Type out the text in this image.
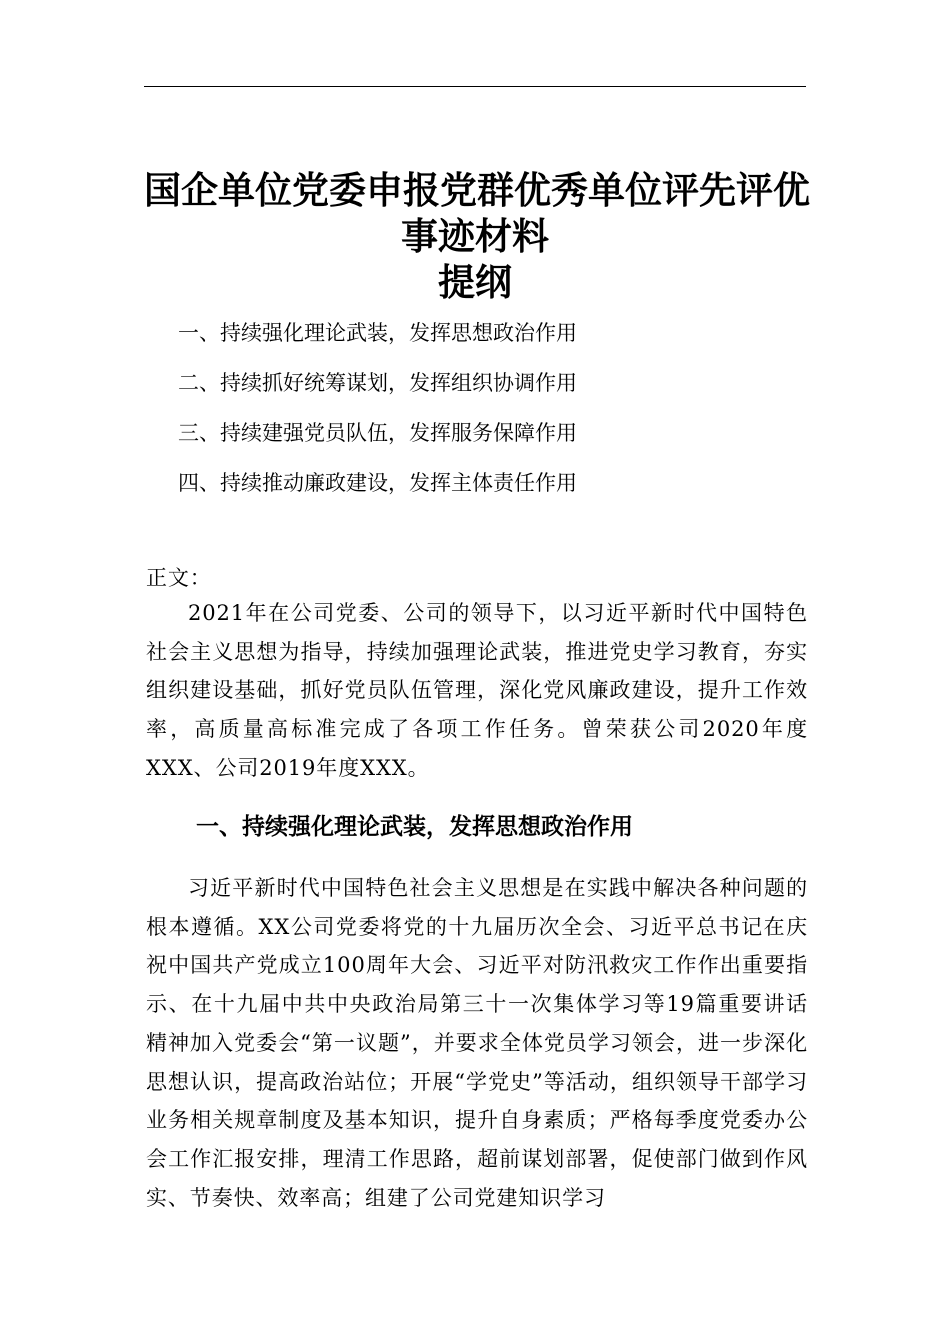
国企单位党委申报党群优秀单位评先评优
事迹材料
提纲
一、持续强化理论武装，发挥思想政治作用
二、持续抓好统筹谋划，发挥组织协调作用
三、持续建强党员队伍，发挥服务保障作用
四、持续推动廉政建设，发挥主体责任作用
正文：

2021年在公司党委、公司的领导下，以习近平新时代中国特色社会主义思想为指导，持续加强理论武装，推进党史学习教育，夯实组织建设基础，抓好党员队伍管理，深化党风廉政建设，提升工作效率，高质量高标准完成了各项工作任务。曾荣获公司2020年度XXX、公司2019年度XXX。

一、持续强化理论武装，发挥思想政治作用

习近平新时代中国特色社会主义思想是在实践中解决各种问题的根本遵循。XX公司党委将党的十九届历次全会、习近平总书记在庆祝中国共产党成立100周年大会、习近平对防汛救灾工作作出重要指示、在十九届中共中央政治局第三十一次集体学习等19篇重要讲话精神加入党委会“第一议题”，并要求全体党员学习领会，进一步深化思想认识，提高政治站位；开展“学党史”等活动，组织领导干部学习业务相关规章制度及基本知识，提升自身素质；严格每季度党委办公会工作汇报安排，理清工作思路，超前谋划部署，促使部门做到作风实、节奏快、效率高；组建了公司党建知识学习
